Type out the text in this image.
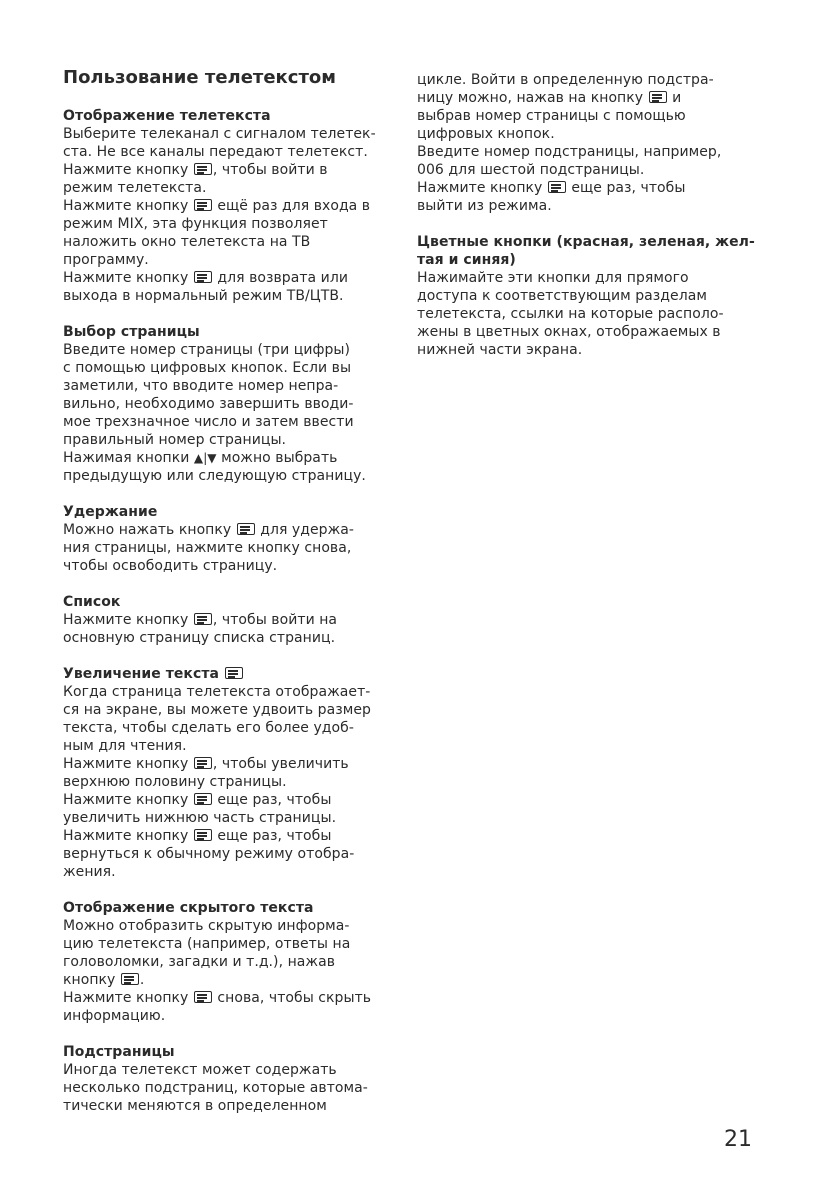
Пользование телетекстом
Отображение телетекста
Выберите телеканал с сигналом телетек-
ста. Не все каналы передают телетекст.
Нажмите кнопку , чтобы войти в
режим телетекста.
Нажмите кнопку  ещё раз для входа в
режим MIX, эта функция позволяет
наложить окно телетекста на ТВ
программу.
Нажмите кнопку  для возврата или
выхода в нормальный режим ТВ/ЦТВ.
Выбор страницы
Введите номер страницы (три цифры)
с помощью цифровых кнопок. Если вы
заметили, что вводите номер непра-
вильно, необходимо завершить вводи-
мое трехзначное число и затем ввести
правильный номер страницы.
Нажимая кнопки ▲|▼ можно выбрать
предыдущую или следующую страницу.
Удержание
Можно нажать кнопку  для удержа-
ния страницы, нажмите кнопку снова,
чтобы освободить страницу.
Список
Нажмите кнопку , чтобы войти на
основную страницу списка страниц.
Увеличение текста
Когда страница телетекста отображает-
ся на экране, вы можете удвоить размер
текста, чтобы сделать его более удоб-
ным для чтения.
Нажмите кнопку , чтобы увеличить
верхнюю половину страницы.
Нажмите кнопку  еще раз, чтобы
увеличить нижнюю часть страницы.
Нажмите кнопку  еще раз, чтобы
вернуться к обычному режиму отобра-
жения.
Отображение скрытого текста
Можно отобразить скрытую информа-
цию телетекста (например, ответы на
головоломки, загадки и т.д.), нажав
кнопку .
Нажмите кнопку  снова, чтобы скрыть
информацию.
Подстраницы
Иногда телетекст может содержать
несколько подстраниц, которые автома-
тически меняются в определенном
цикле. Войти в определенную подстра-
ницу можно, нажав на кнопку  и
выбрав номер страницы с помощью
цифровых кнопок.
Введите номер подстраницы, например,
006 для шестой подстраницы.
Нажмите кнопку  еще раз, чтобы
выйти из режима.
Цветные кнопки (красная, зеленая, жел-
тая и синяя)
Нажимайте эти кнопки для прямого
доступа к соответствующим разделам
телетекста, ссылки на которые располо-
жены в цветных окнах, отображаемых в
нижней части экрана.
21
